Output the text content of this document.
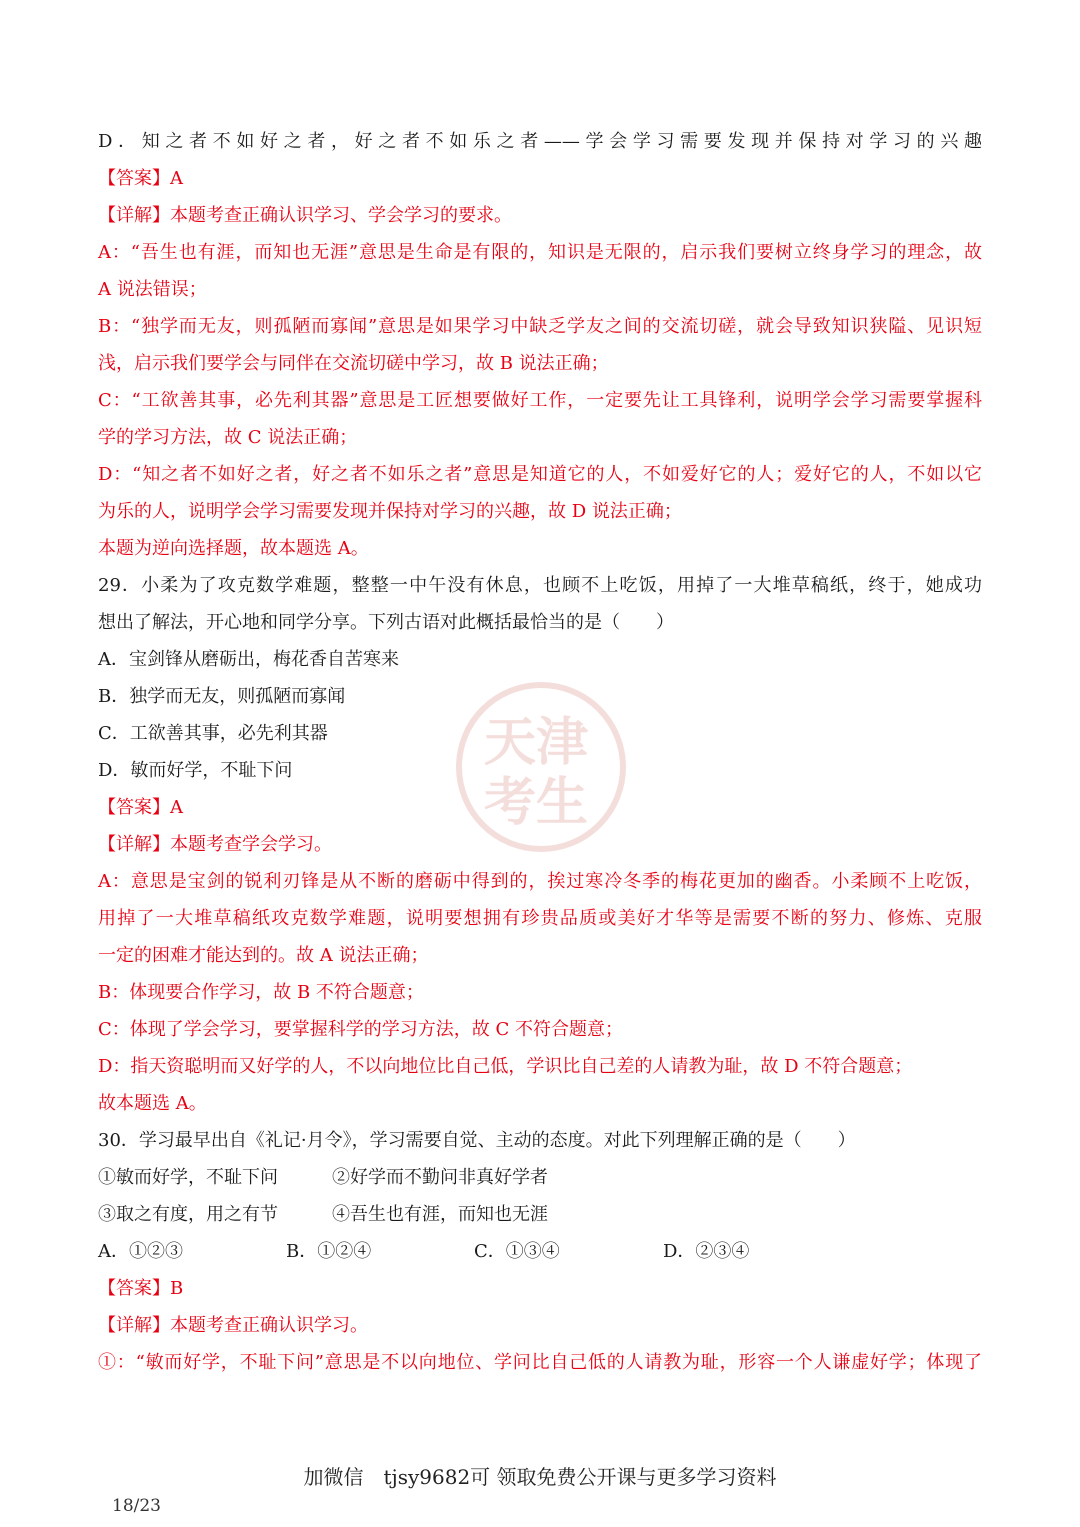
天津
考生
D．知之者不如好之者，好之者不如乐之者——学会学习需要发现并保持对学习的兴趣
【答案】A
【详解】本题考查正确认识学习、学会学习的要求。
A：“吾生也有涯，而知也无涯”意思是生命是有限的，知识是无限的，启示我们要树立终身学习的理念，故
A 说法错误；
B：“独学而无友，则孤陋而寡闻”意思是如果学习中缺乏学友之间的交流切磋，就会导致知识狭隘、见识短
浅，启示我们要学会与同伴在交流切磋中学习，故 B 说法正确；
C：“工欲善其事，必先利其器”意思是工匠想要做好工作，一定要先让工具锋利，说明学会学习需要掌握科
学的学习方法，故 C 说法正确；
D：“知之者不如好之者，好之者不如乐之者”意思是知道它的人，不如爱好它的人；爱好它的人，不如以它
为乐的人，说明学会学习需要发现并保持对学习的兴趣，故 D 说法正确；
本题为逆向选择题，故本题选 A。
29．小柔为了攻克数学难题，整整一中午没有休息，也顾不上吃饭，用掉了一大堆草稿纸，终于，她成功
想出了解法，开心地和同学分享。下列古语对此概括最恰当的是（　　）
A．宝剑锋从磨砺出，梅花香自苦寒来
B．独学而无友，则孤陋而寡闻
C．工欲善其事，必先利其器
D．敏而好学，不耻下问
【答案】A
【详解】本题考查学会学习。
A：意思是宝剑的锐利刃锋是从不断的磨砺中得到的，挨过寒冷冬季的梅花更加的幽香。小柔顾不上吃饭，
用掉了一大堆草稿纸攻克数学难题，说明要想拥有珍贵品质或美好才华等是需要不断的努力、修炼、克服
一定的困难才能达到的。故 A 说法正确；
B：体现要合作学习，故 B 不符合题意；
C：体现了学会学习，要掌握科学的学习方法，故 C 不符合题意；
D：指天资聪明而又好学的人，不以向地位比自己低，学识比自己差的人请教为耻，故 D 不符合题意；
故本题选 A。
30．学习最早出自《礼记·月令》，学习需要自觉、主动的态度。对此下列理解正确的是（　　）
①敏而好学，不耻下问	②好学而不勤问非真好学者
③取之有度，用之有节	④吾生也有涯，而知也无涯
A．①②③	B．①②④	C．①③④	D．②③④
【答案】B
【详解】本题考查正确认识学习。
①：“敏而好学，不耻下问”意思是不以向地位、学问比自己低的人请教为耻，形容一个人谦虚好学；体现了
加微信　tjsy9682可 领取免费公开课与更多学习资料
18/23
